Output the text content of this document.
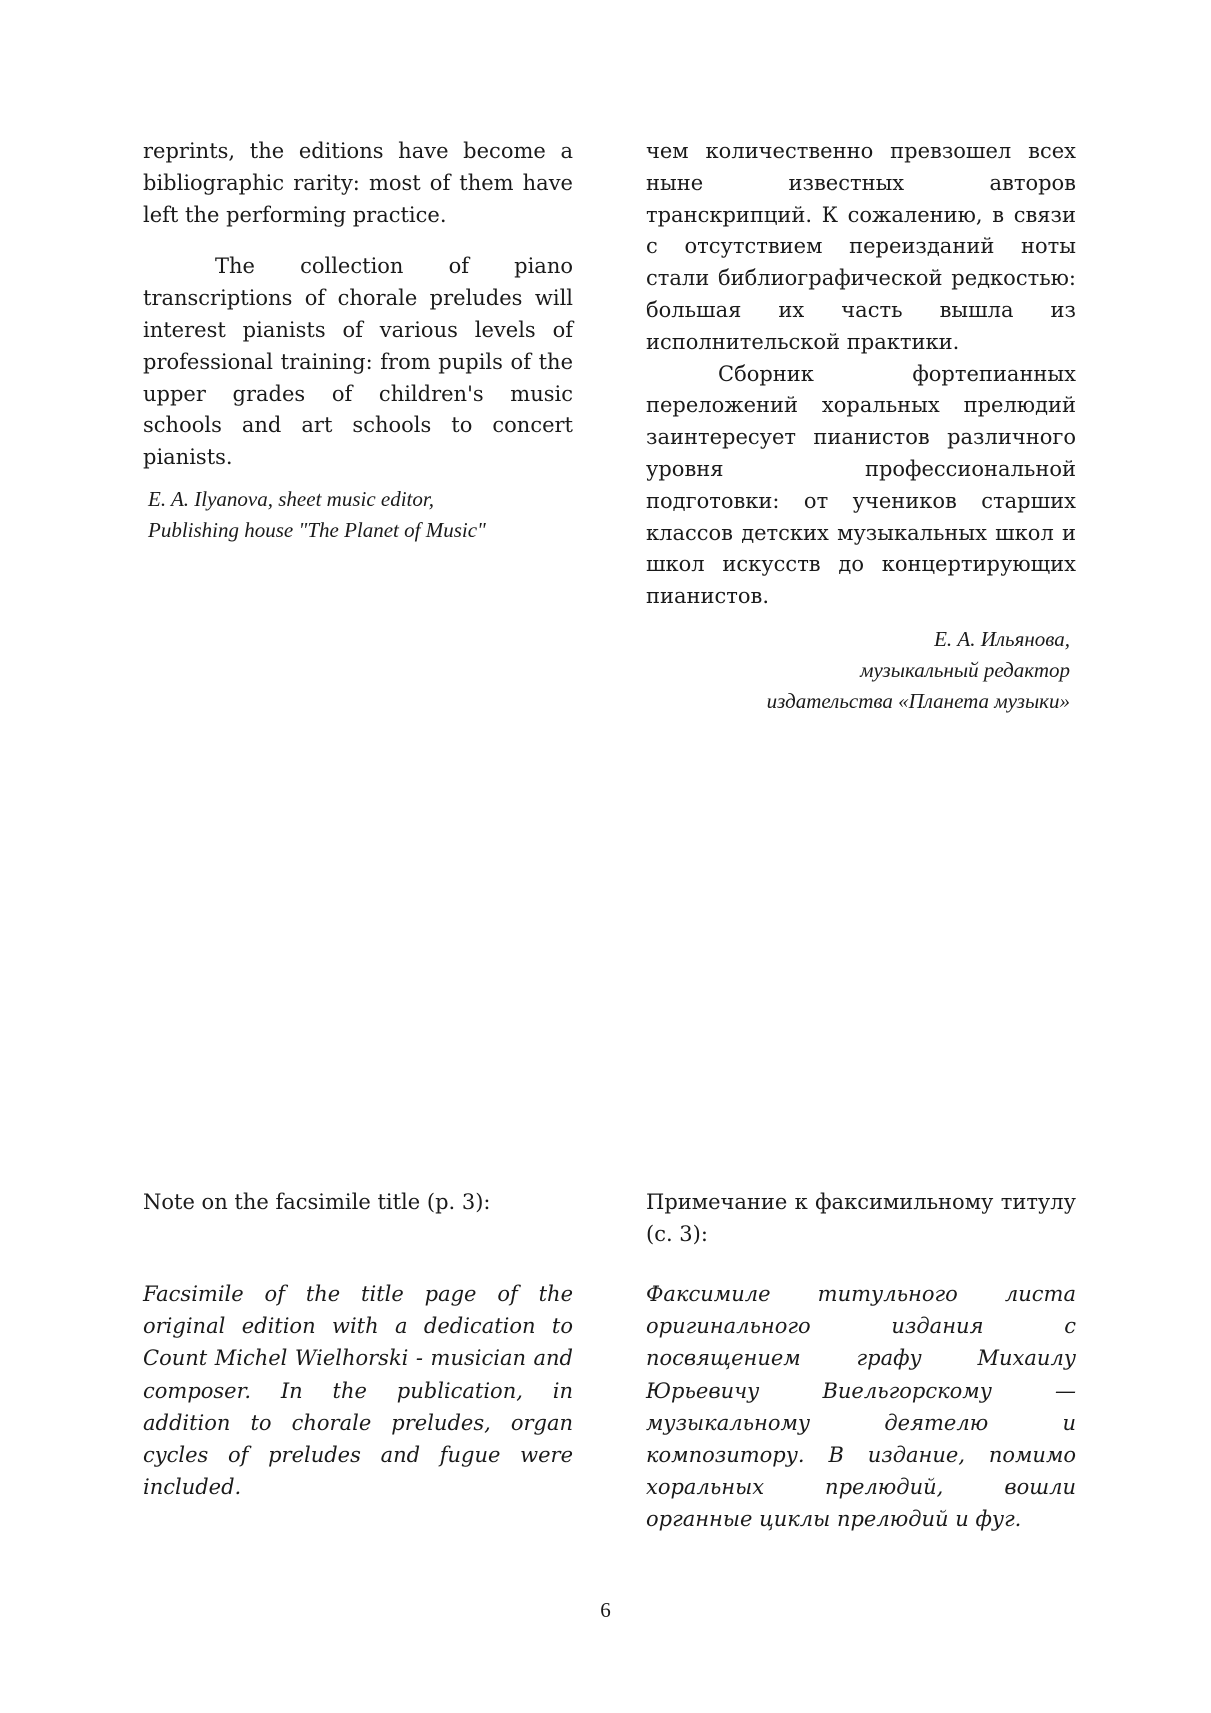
reprints, the editions have become a bibliographic rarity: most of them have left the performing practice.

The collection of piano transcriptions of chorale preludes will interest pianists of various levels of professional training: from pupils of the upper grades of children's music schools and art schools to concert pianists.

E. A. Ilyanova, sheet music editor,
Publishing house "The Planet of Music"

чем количественно превзошел всех ныне известных авторов транскрипций. К сожалению, в связи с отсутствием переизданий ноты стали библиографической редкостью: большая их часть вышла из исполнительской практики.

Сборник фортепианных переложений хоральных прелюдий заинтересует пианистов различного уровня профессиональной подготовки: от учеников старших классов детских музыкальных школ и школ искусств до концертирующих пианистов.

Е. А. Ильянова,
музыкальный редактор
издательства «Планета музыки»
Note on the facsimile title (p. 3):	Примечание к факсимильному титулу (с. 3):
Facsimile of the title page of the original edition with a dedication to Count Michel Wielhorski - musician and composer. In the publication, in addition to chorale preludes, organ cycles of preludes and fugue were included.
Факсимиле титульного листа оригинального издания с посвящением графу Михаилу Юрьевичу Виельгорскому — музыкальному деятелю и композитору. В издание, помимо хоральных прелюдий, вошли органные циклы прелюдий и фуг.
6
